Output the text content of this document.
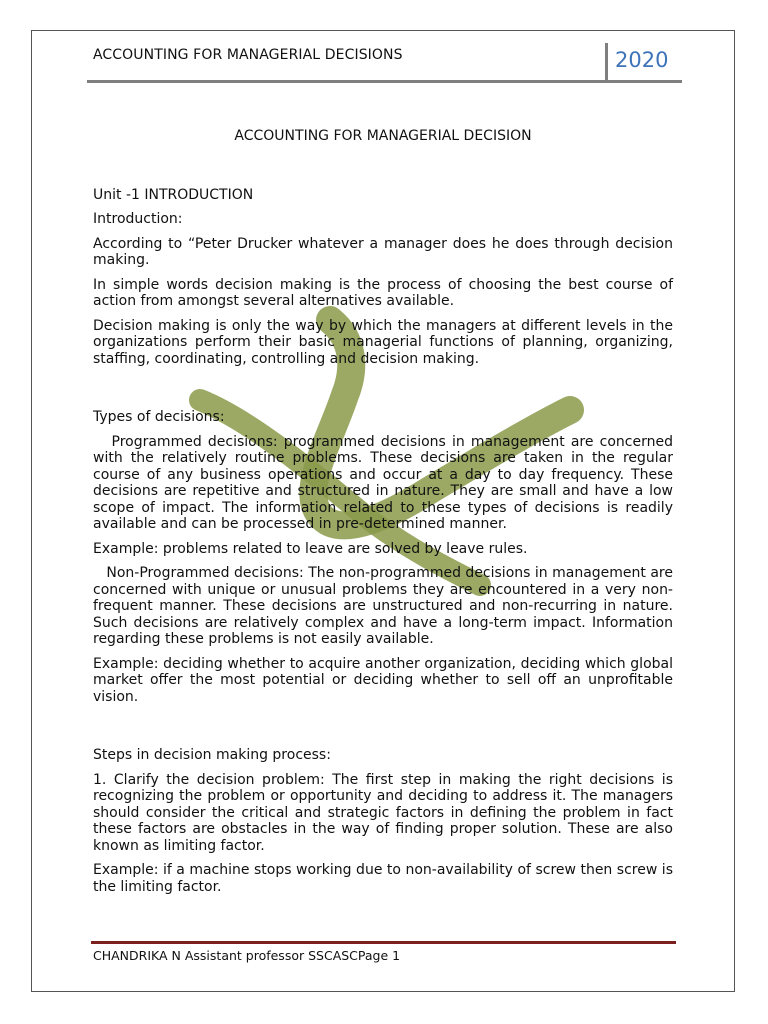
ACCOUNTING FOR MANAGERIAL DECISIONS	2020

ACCOUNTING FOR MANAGERIAL DECISION

Unit -1 INTRODUCTION

Introduction:

According to “Peter Drucker whatever a manager does he does through decision making.

In simple words decision making is the process of choosing the best course of action from amongst several alternatives available.

Decision making is only the way by which the managers at different levels in the organizations perform their basic managerial functions of planning, organizing, staffing, coordinating, controlling and decision making.

Types of decisions:

Programmed decisions: programmed decisions in management are concerned with the relatively routine problems. These decisions are taken in the regular course of any business operations and occur at a day to day frequency. These decisions are repetitive and structured in nature. They are small and have a low scope of impact. The information related to these types of decisions is readily available and can be processed in pre-determined manner.

Example: problems related to leave are solved by leave rules.

Non-Programmed decisions: The non-programmed decisions in management are concerned with unique or unusual problems they are encountered in a very non-frequent manner. These decisions are unstructured and non-recurring in nature. Such decisions are relatively complex and have a long-term impact. Information regarding these problems is not easily available.

Example: deciding whether to acquire another organization, deciding which global market offer the most potential or deciding whether to sell off an unprofitable vision.

Steps in decision making process:

1. Clarify the decision problem: The first step in making the right decisions is recognizing the problem or opportunity and deciding to address it. The managers should consider the critical and strategic factors in defining the problem in fact these factors are obstacles in the way of finding proper solution. These are also known as limiting factor.

Example: if a machine stops working due to non-availability of screw then screw is the limiting factor.

CHANDRIKA N Assistant professor SSCASCPage 1
